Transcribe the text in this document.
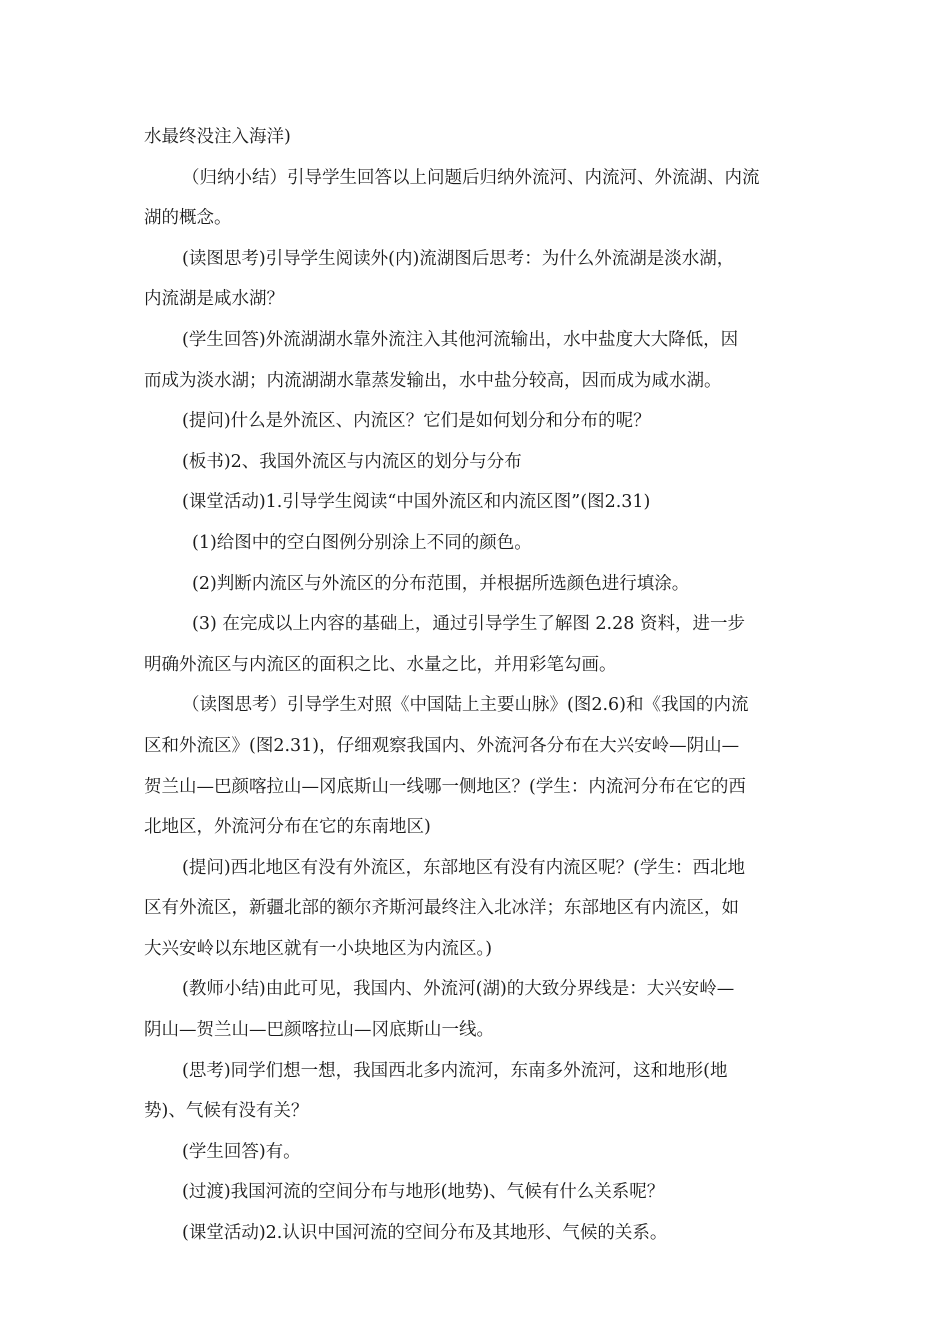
水最终没注入海洋)
（归纳小结）引导学生回答以上问题后归纳外流河、内流河、外流湖、内流
湖的概念。
(读图思考)引导学生阅读外(内)流湖图后思考：为什么外流湖是淡水湖，
内流湖是咸水湖？
(学生回答)外流湖湖水靠外流注入其他河流输出，水中盐度大大降低，因
而成为淡水湖；内流湖湖水靠蒸发输出，水中盐分较高，因而成为咸水湖。
(提问)什么是外流区、内流区？它们是如何划分和分布的呢？
(板书)2、我国外流区与内流区的划分与分布
(课堂活动)1.引导学生阅读“中国外流区和内流区图”(图2.31)
(1)给图中的空白图例分别涂上不同的颜色。
(2)判断内流区与外流区的分布范围，并根据所选颜色进行填涂。
(3) 在完成以上内容的基础上，通过引导学生了解图 2.28 资料，进一步
明确外流区与内流区的面积之比、水量之比，并用彩笔勾画。
（读图思考）引导学生对照《中国陆上主要山脉》(图2.6)和《我国的内流
区和外流区》(图2.31)，仔细观察我国内、外流河各分布在大兴安岭—阴山—
贺兰山—巴颜喀拉山—冈底斯山一线哪一侧地区？(学生：内流河分布在它的西
北地区，外流河分布在它的东南地区)
(提问)西北地区有没有外流区，东部地区有没有内流区呢？(学生：西北地
区有外流区，新疆北部的额尔齐斯河最终注入北冰洋；东部地区有内流区，如
大兴安岭以东地区就有一小块地区为内流区。)
(教师小结)由此可见，我国内、外流河(湖)的大致分界线是：大兴安岭—
阴山—贺兰山—巴颜喀拉山—冈底斯山一线。
(思考)同学们想一想，我国西北多内流河，东南多外流河，这和地形(地
势)、气候有没有关？
(学生回答)有。
(过渡)我国河流的空间分布与地形(地势)、气候有什么关系呢？
(课堂活动)2.认识中国河流的空间分布及其地形、气候的关系。
